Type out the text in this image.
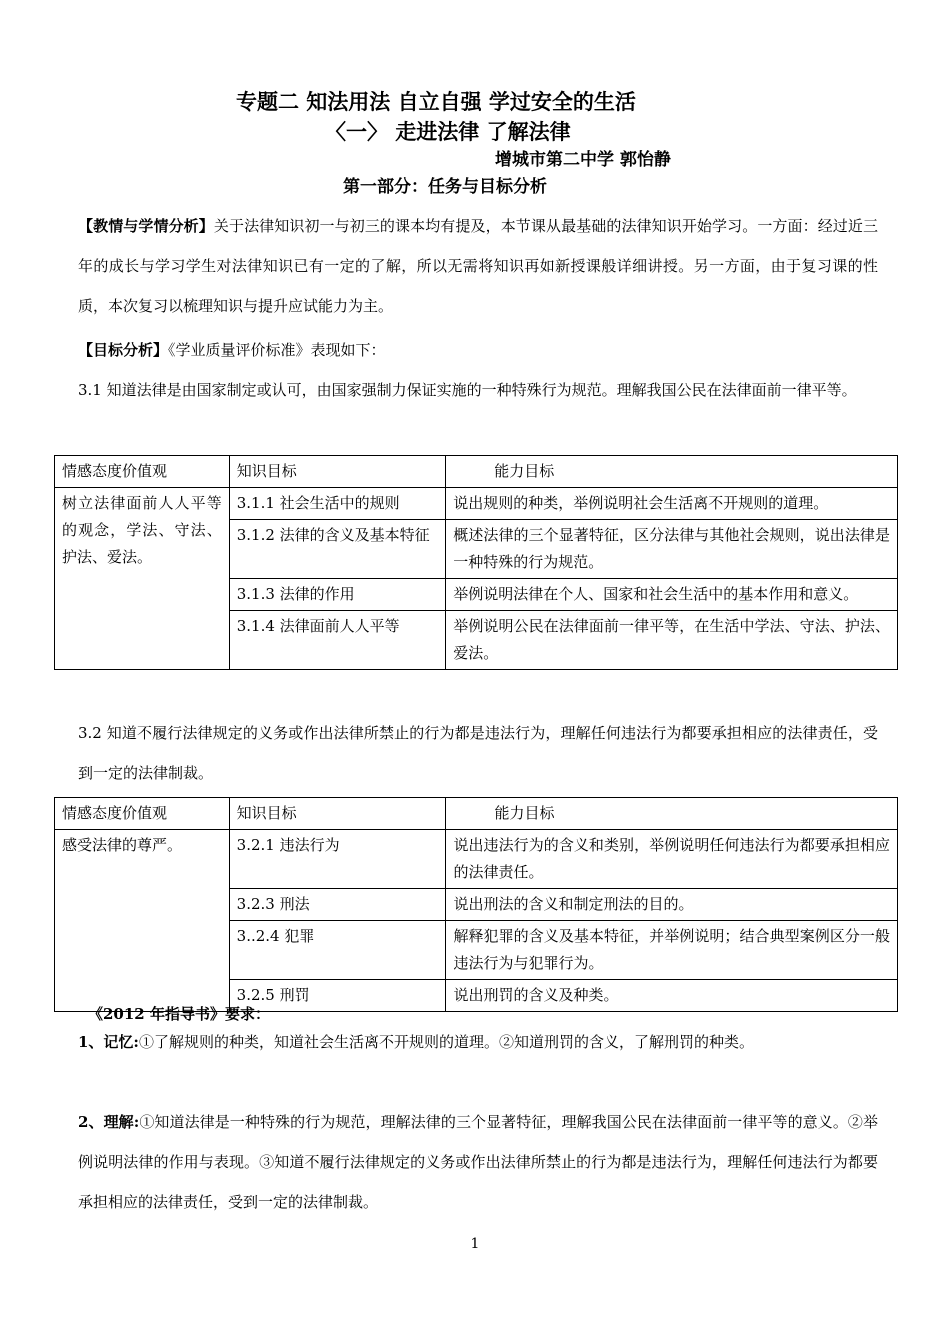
专题二 知法用法 自立自强 学过安全的生活
〈一〉 走进法律 了解法律
增城市第二中学 郭怡静
第一部分：任务与目标分析
【教情与学情分析】关于法律知识初一与初三的课本均有提及，本节课从最基础的法律知识开始学习。一方面：经过近三年的成长与学习学生对法律知识已有一定的了解，所以无需将知识再如新授课般详细讲授。另一方面，由于复习课的性质，本次复习以梳理知识与提升应试能力为主。
【目标分析】《学业质量评价标准》表现如下：
3.1 知道法律是由国家制定或认可，由国家强制力保证实施的一种特殊行为规范。理解我国公民在法律面前一律平等。
情感态度价值观	知识目标	能力目标
树立法律面前人人平等的观念，学法、守法、护法、爱法。	3.1.1 社会生活中的规则	说出规则的种类，举例说明社会生活离不开规则的道理。
	3.1.2 法律的含义及基本特征	概述法律的三个显著特征，区分法律与其他社会规则，说出法律是一种特殊的行为规范。
	3.1.3 法律的作用	举例说明法律在个人、国家和社会生活中的基本作用和意义。
	3.1.4 法律面前人人平等	举例说明公民在法律面前一律平等，在生活中学法、守法、护法、爱法。
3.2 知道不履行法律规定的义务或作出法律所禁止的行为都是违法行为，理解任何违法行为都要承担相应的法律责任，受到一定的法律制裁。
情感态度价值观	知识目标	能力目标
感受法律的尊严。	3.2.1 违法行为	说出违法行为的含义和类别，举例说明任何违法行为都要承担相应的法律责任。
	3.2.3 刑法	说出刑法的含义和制定刑法的目的。
	3..2.4 犯罪	解释犯罪的含义及基本特征，并举例说明；结合典型案例区分一般违法行为与犯罪行为。
	3.2.5 刑罚	说出刑罚的含义及种类。
《2012 年指导书》要求：
1、记忆:①了解规则的种类，知道社会生活离不开规则的道理。②知道刑罚的含义，了解刑罚的种类。
2、理解:①知道法律是一种特殊的行为规范，理解法律的三个显著特征，理解我国公民在法律面前一律平等的意义。②举例说明法律的作用与表现。③知道不履行法律规定的义务或作出法律所禁止的行为都是违法行为，理解任何违法行为都要承担相应的法律责任，受到一定的法律制裁。
1
